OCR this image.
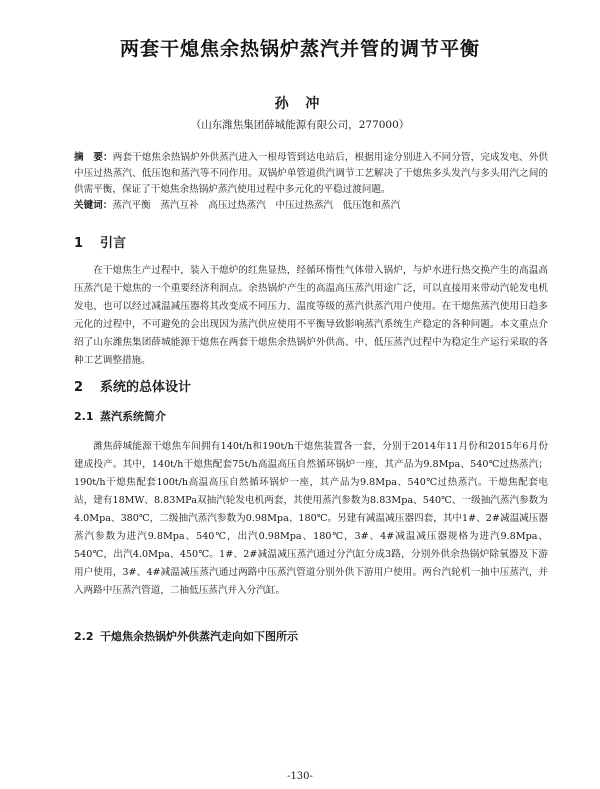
两套干熄焦余热锅炉蒸汽并管的调节平衡
孙 冲
（山东潍焦集团薛城能源有限公司，277000）
摘　要：两套干熄焦余热锅炉外供蒸汽进入一根母管到达电站后，根据用途分别进入不同分管，完成发电、外供中压过热蒸汽、低压饱和蒸汽等不同作用。双锅炉单管道供汽调节工艺解决了干熄焦多头发汽与多头用汽之间的供需平衡，保证了干熄焦余热锅炉蒸汽使用过程中多元化的平稳过渡问题。
关键词：蒸汽平衡　蒸汽互补　高压过热蒸汽　中压过热蒸汽　低压饱和蒸汽
1 引言

在干熄焦生产过程中，装入干熄炉的红焦显热，经循环惰性气体带入锅炉，与炉水进行热交换产生的高温高压蒸汽是干熄焦的一个重要经济利润点。余热锅炉产生的高温高压蒸汽用途广泛，可以直接用来带动汽轮发电机发电，也可以经过减温减压器将其改变成不同压力、温度等级的蒸汽供蒸汽用户使用。在干熄焦蒸汽使用日趋多元化的过程中，不可避免的会出现因为蒸汽供应使用不平衡导致影响蒸汽系统生产稳定的各种问题。本文重点介绍了山东潍焦集团薛城能源干熄焦在两套干熄焦余热锅炉外供高、中、低压蒸汽过程中为稳定生产运行采取的各种工艺调整措施。

2 系统的总体设计
2.1 蒸汽系统简介

潍焦薛城能源干熄焦车间拥有140t/h和190t/h干熄焦装置各一套，分别于2014年11月份和2015年6月份建成投产。其中，140t/h干熄焦配套75t/h高温高压自然循环锅炉一座，其产品为9.8Mpa、540℃过热蒸汽；190t/h干熄焦配套100t/h高温高压自然循环锅炉一座，其产品为9.8Mpa、540℃过热蒸汽。干熄焦配套电站，建有18MW、8.83MPa双抽汽轮发电机两套，其使用蒸汽参数为8.83Mpa、540℃、一级抽汽蒸汽参数为4.0Mpa、380℃，二级抽汽蒸汽参数为0.98Mpa、180℃。另建有减温减压器四套，其中1#、2#减温减压器蒸汽参数为进汽9.8Mpa、540℃，出汽0.98Mpa、180℃，3#、4#减温减压器规格为进汽9.8Mpa、540℃，出汽4.0Mpa、450℃。1#、2#减温减压蒸汽通过分汽缸分成3路，分别外供余热锅炉除氧器及下游用户使用，3#、4#减温减压蒸汽通过两路中压蒸汽管道分别外供下游用户使用。两台汽轮机一抽中压蒸汽，并入两路中压蒸汽管道，二抽低压蒸汽并入分汽缸。

2.2 干熄焦余热锅炉外供蒸汽走向如下图所示
-130-
